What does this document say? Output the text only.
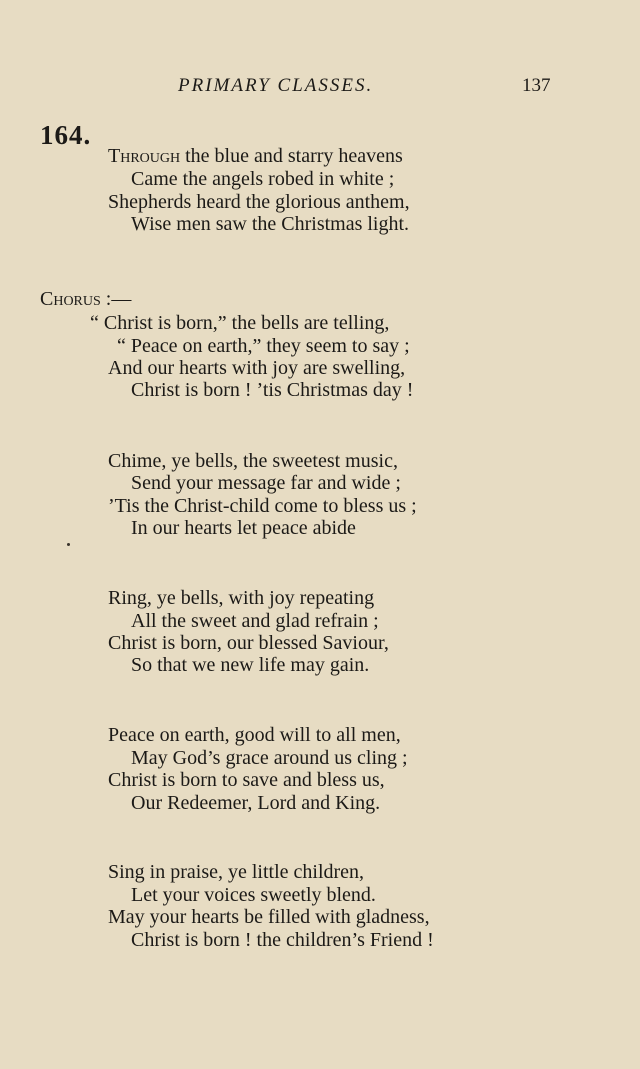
PRIMARY CLASSES.	137
164.
Through the blue and starry heavens
Came the angels robed in white ;
Shepherds heard the glorious anthem,
Wise men saw the Christmas light.
Chorus :—
“ Christ is born,” the bells are telling,
“ Peace on earth,” they seem to say ;
And our hearts with joy are swelling,
Christ is born ! ’tis Christmas day !
Chime, ye bells, the sweetest music,
Send your message far and wide ;
’Tis the Christ-child come to bless us ;
In our hearts let peace abide
Ring, ye bells, with joy repeating
All the sweet and glad refrain ;
Christ is born, our blessed Saviour,
So that we new life may gain.
Peace on earth, good will to all men,
May God’s grace around us cling ;
Christ is born to save and bless us,
Our Redeemer, Lord and King.
Sing in praise, ye little children,
Let your voices sweetly blend.
May your hearts be filled with gladness,
Christ is born ! the children’s Friend !
